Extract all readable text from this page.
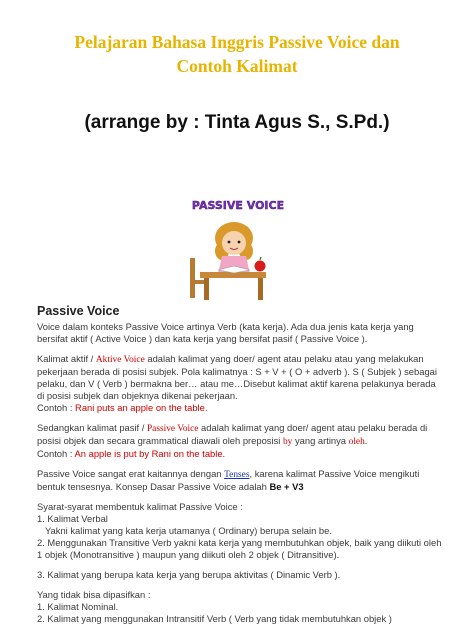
Pelajaran Bahasa Inggris Passive Voice dan
Contoh Kalimat
(arrange by : Tinta Agus S., S.Pd.)
PASSIVE VOICE
Passive Voice

Voice dalam konteks Passive Voice artinya Verb (kata kerja). Ada dua jenis kata kerja yang bersifat aktif ( Active Voice ) dan kata kerja yang bersifat pasif ( Passive Voice ).

Kalimat aktif / Aktive Voice adalah kalimat yang doer/ agent atau pelaku atau yang melakukan pekerjaan berada di posisi subjek. Pola kalimatnya : S + V + ( O + adverb ). S ( Subjek ) sebagai pelaku, dan V ( Verb ) bermakna ber… atau me…Disebut kalimat aktif karena pelakunya berada di posisi subjek dan objeknya dikenai pekerjaan.
Contoh : Rani puts an apple on the table.

Sedangkan kalimat pasif / Passive Voice adalah kalimat yang doer/ agent atau pelaku berada di posisi objek dan secara grammatical diawali oleh preposisi by yang artinya oleh.
Contoh : An apple is put by Rani on the table.

Passive Voice sangat erat kaitannya dengan Tenses, karena kalimat Passive Voice mengikuti bentuk tensesnya. Konsep Dasar Passive Voice adalah Be + V3

Syarat-syarat membentuk kalimat Passive Voice :
1. Kalimat Verbal
Yakni kalimat yang kata kerja utamanya ( Ordinary) berupa selain be.
2. Menggunakan Transitive Verb yakni kata kerja yang membutuhkan objek, baik yang diikuti oleh 1 objek (Monotransitive ) maupun yang diikuti oleh 2 objek ( Ditransitive).

3. Kalimat yang berupa kata kerja yang berupa aktivitas ( Dinamic Verb ).

Yang tidak bisa dipasifkan :
1. Kalimat Nominal.
2. Kalimat yang menggunakan Intransitif Verb ( Verb yang tidak membutuhkan objek )
